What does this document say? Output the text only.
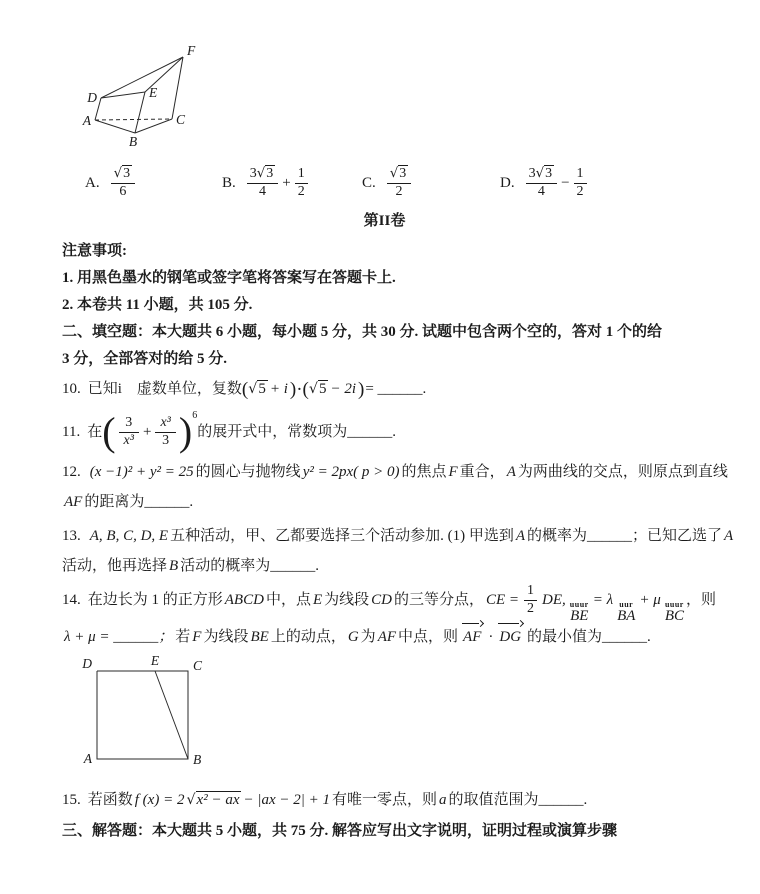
A
B
C
D	E
F
A. $\frac{√3}{6}$	B. $\frac{3√3}{4} + \frac{1}{2}$	C. $\frac{√3}{2}$	D. $\frac{3√3}{4} - \frac{1}{2}$
第II卷
注意事项:
1. 用黑色墨水的钢笔或签字笔将答案写在答题卡上.
2. 本卷共 11 小题，共 105 分.
二、填空题：本大题共 6 小题，每小题 5 分，共 30 分. 试题中包含两个空的，答对 1 个的给
3 分，全部答对的给 5 分.
10. 已知i　虚数单位，复数(√5 + i )·(√5 − 2i )= ______.
11. 在 ( $\frac{3}{\text{x³}} + \frac{\text{x³}}{3} )^6$
的展开式中，常数项为______.
12. (x −1)² + y² = 25 的圆心与抛物线 y² = 2px( p > 0) 的焦点 F 重合， A 为两曲线的交点，则原点到直线
AF 的距离为______.
13. A, B, C, D, E 五种活动，甲、乙都要选择三个活动参加. (1) 甲选到 A 的概率为______；已知乙选了 A
活动，他再选择 B 活动的概率为______.
14. 在边长为 1 的正方形 ABCD 中，点 E 为线段 CD 的三等分点， CE = $\frac{1}{2}$ DE, uuur
BE
= λ uur
BA
+ μ uuur
BC
，则
λ + μ = ______； 若 F 为线段 BE 上的动点， G 为 AF 中点，则 AF · DG 的最小值为______.
D	E	C
A	B
15. 若函数 f (x) = 2 √x² − ax − |ax − 2| + 1 有唯一零点，则 a 的取值范围为______.
三、解答题：本大题共 5 小题，共 75 分. 解答应写出文字说明，证明过程或演算步骤
